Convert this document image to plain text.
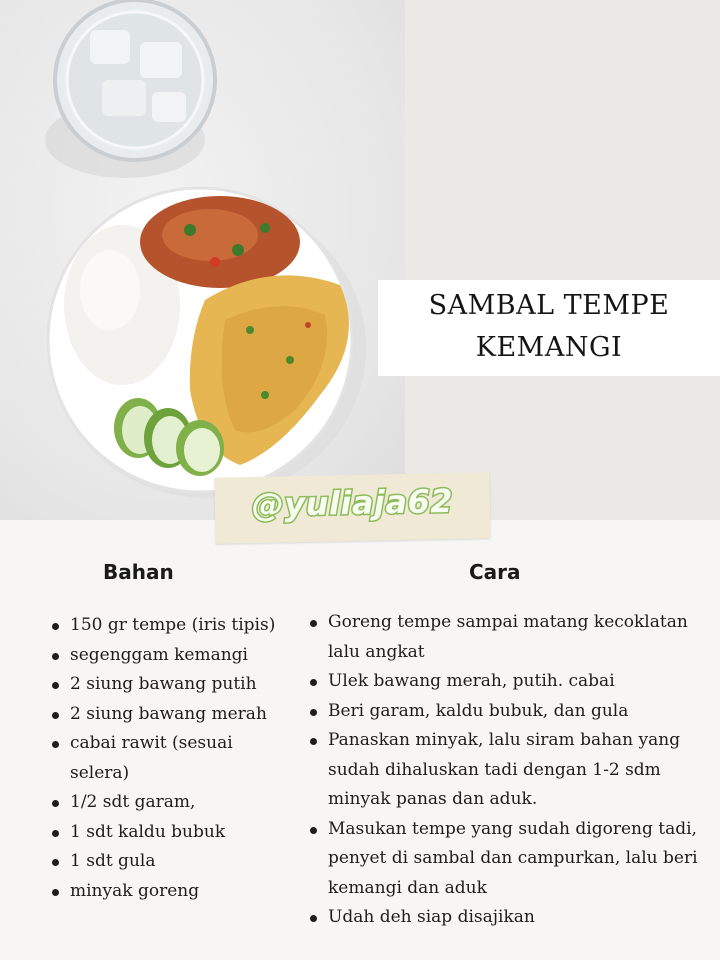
SAMBAL TEMPE
KEMANGI
@yuliaja62
Bahan	Cara
150 gr tempe (iris tipis)
segenggam kemangi
2 siung bawang putih
2 siung bawang merah
cabai rawit (sesuai selera)
1/2 sdt garam,
1 sdt kaldu bubuk
1 sdt gula
minyak goreng
Goreng tempe sampai matang kecoklatan lalu angkat
Ulek bawang merah, putih. cabai
Beri garam, kaldu bubuk, dan gula
Panaskan minyak, lalu siram bahan yang sudah dihaluskan tadi dengan 1-2 sdm minyak panas dan aduk.
Masukan tempe yang sudah digoreng tadi, penyet di sambal dan campurkan, lalu beri kemangi dan aduk
Udah deh siap disajikan
